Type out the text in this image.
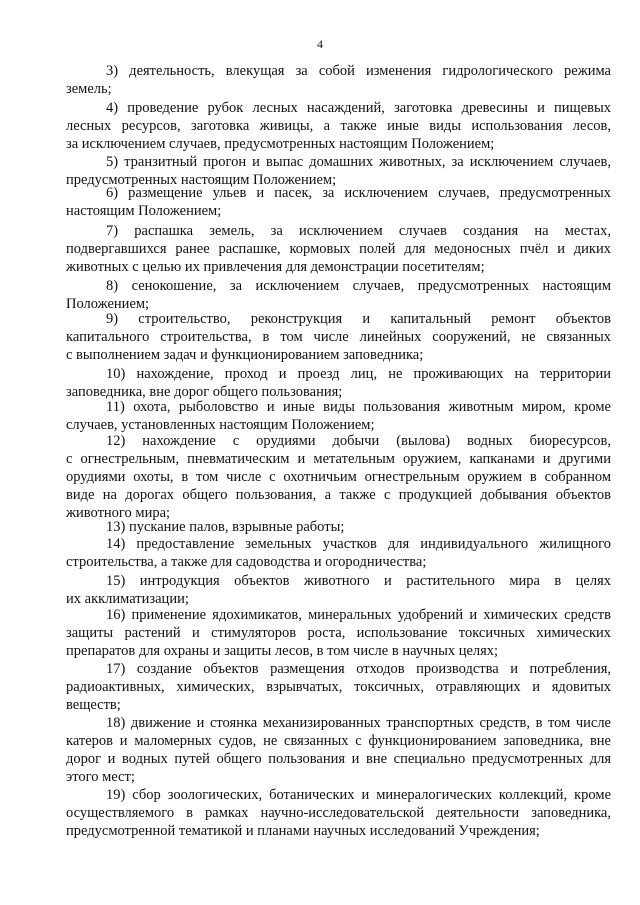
4
3) деятельность, влекущая за собой изменения гидрологического режима
земель;
4) проведение рубок лесных насаждений, заготовка древесины и пищевых
лесных ресурсов, заготовка живицы, а также иные виды использования лесов,
за исключением случаев, предусмотренных настоящим Положением;
5) транзитный прогон и выпас домашних животных, за исключением случаев,
предусмотренных настоящим Положением;
6) размещение ульев и пасек, за исключением случаев, предусмотренных
настоящим Положением;
7) распашка земель, за исключением случаев создания на местах,
подвергавшихся ранее распашке, кормовых полей для медоносных пчёл и диких
животных с целью их привлечения для демонстрации посетителям;
8) сенокошение, за исключением случаев, предусмотренных настоящим
Положением;
9) строительство, реконструкция и капитальный ремонт объектов
капитального строительства, в том числе линейных сооружений, не связанных
с выполнением задач и функционированием заповедника;
10) нахождение, проход и проезд лиц, не проживающих на территории
заповедника, вне дорог общего пользования;
11) охота, рыболовство и иные виды пользования животным миром, кроме
случаев, установленных настоящим Положением;
12) нахождение с орудиями добычи (вылова) водных биоресурсов,
с огнестрельным, пневматическим и метательным оружием, капканами и другими
орудиями охоты, в том числе с охотничьим огнестрельным оружием в собранном
виде на дорогах общего пользования, а также с продукцией добывания объектов
животного мира;
13) пускание палов, взрывные работы;
14) предоставление земельных участков для индивидуального жилищного
строительства, а также для садоводства и огородничества;
15) интродукция объектов животного и растительного мира в целях
их акклиматизации;
16) применение ядохимикатов, минеральных удобрений и химических средств
защиты растений и стимуляторов роста, использование токсичных химических
препаратов для охраны и защиты лесов, в том числе в научных целях;
17) создание объектов размещения отходов производства и потребления,
радиоактивных, химических, взрывчатых, токсичных, отравляющих и ядовитых
веществ;
18) движение и стоянка механизированных транспортных средств, в том числе
катеров и маломерных судов, не связанных с функционированием заповедника, вне
дорог и водных путей общего пользования и вне специально предусмотренных для
этого мест;
19) сбор зоологических, ботанических и минералогических коллекций, кроме
осуществляемого в рамках научно-исследовательской деятельности заповедника,
предусмотренной тематикой и планами научных исследований Учреждения;
